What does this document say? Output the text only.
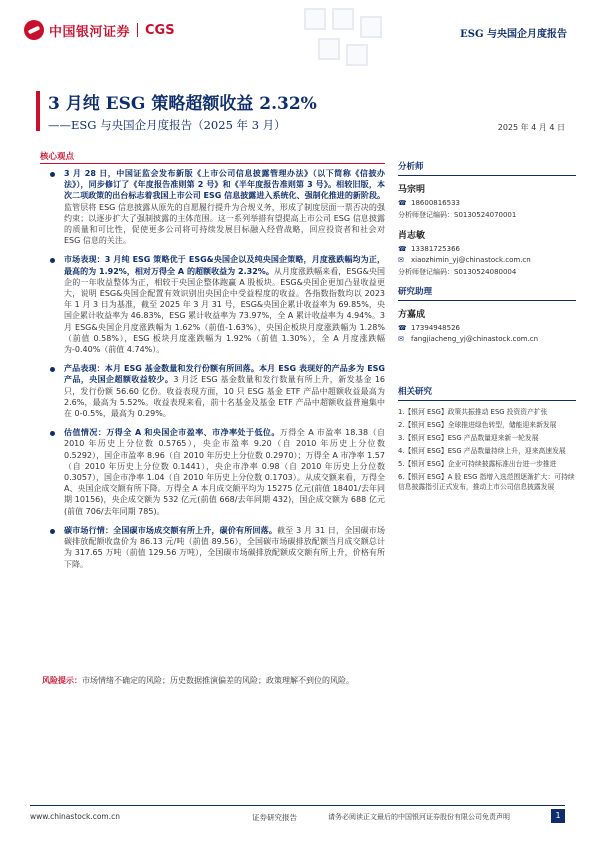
中国银河证券 CGS	ESG 与央国企月度报告
3 月纯 ESG 策略超额收益 2.32%
——ESG 与央国企月度报告（2025 年 3 月）	2025 年 4 月 4 日
核心观点
3 月 28 日，中国证监会发布新版《上市公司信息披露管理办法》（以下简称《信披办法》），同步修订了《年度报告准则第 2 号》和《半年度报告准则第 3 号》。相较旧版，本次二项政策的出台标志着我国上市公司 ESG 信息披露进入系统化、强制化推进的新阶段。监管层将 ESG 信息披露从原先的自愿履行提升为合规义务，形成了制度层面一票否决的强约束；以逐步扩大了强制披露的主体范围。这一系列举措有望提高上市公司 ESG 信息披露的质量和可比性，促使更多公司将可持续发展目标融入经营战略，回应投资者和社会对 ESG 信息的关注。
市场表现：3 月纯 ESG 策略优于 ESG&央国企以及纯央国企策略，月度涨跌幅均为正，最高的为 1.92%，相对万得全 A 的超额收益为 2.32%。从月度涨跌幅来看，ESG&央国企的一年收益整体为正，相较于央国企整体跑赢 A 股板块。ESG&央国企更加凸显收益更大，说明 ESG&央国企配置有效识别出央国企中受益程度的收益。各指数指数均以 2023 年 1 月 3 日为基准，截至 2025 年 3 月 31 号，ESG&央国企累计收益率为 69.85%，央国企累计收益率为 46.83%，ESG 累计收益率为 73.97%，全 A 累计收益率为 4.94%。3 月 ESG&央国企月度涨跌幅为 1.62%（前值-1.63%），央国企板块月度涨跌幅为 1.28%（前值 0.58%），ESG 板块月度涨跌幅为 1.92%（前值 1.30%），全 A 月度涨跌幅为-0.40%（前值 4.74%）。
产品表现：本月 ESG 基金数量和发行份额有所回落。本月 ESG 表现好的产品多为 ESG 产品，央国企超额收益较少。3 月泛 ESG 基金数量和发行数量有所上升，新发基金 16 只，发行份额 56.60 亿份。收益表现方面，10 只 ESG 基金 ETF 产品中超额收益最高为 2.6%，最高为 5.52%。收益表现来看，前十名基金及基金 ETF 产品中超额收益普遍集中在 0-0.5%，最高为 0.29%。
估值情况：万得全 A 和央国企市盈率、市净率处于低位。万得全 A 市盈率 18.38（自 2010 年历史上分位数 0.5765），央企市盈率 9.20（自 2010 年历史上分位数 0.5292），国企市盈率 8.96（自 2010 年历史上分位数 0.2970）；万得全 A 市净率 1.57（自 2010 年历史上分位数 0.1441），央企市净率 0.98（自 2010 年历史上分位数 0.3057），国企市净率 1.04（自 2010 年历史上分位数 0.1703）。从成交额来看，万得全 A、央国企成交额有所下降。万得全 A 本月成交额平均为 15275 亿元(前值 18401/去年同期 10156)，央企成交额为 532 亿元(前值 668/去年同期 432)，国企成交额为 688 亿元(前值 706/去年同期 785)。
碳市场行情：全国碳市场成交额有所上升，碳价有所回落。截至 3 月 31 日，全国碳市场碳排放配额收盘价为 86.13 元/吨（前值 89.56），全国碳市场碳排放配额当月成交额总计为 317.65 万吨（前值 129.56 万吨），全国碳市场碳排放配额成交额有所上升，价格有所下降。
风险提示：市场情绪不确定的风险；历史数据推演偏差的风险；政策理解不到位的风险。
分析师
马宗明
☎ 18600816533
分析师登记编码：S0130524070001
肖志敏
☎ 13381725366
✉	xiaozhimin_yj@chinastock.com.cn
分析师登记编码：S0130524080004
研究助理
方嘉成
☎ 17394948526
✉	fangjiacheng_yj@chinastock.com.cn
相关研究
1.【银河 ESG】政策共振推动 ESG 投资资产扩张
2.【银河 ESG】全球推进绿色转型，储能迎来新发展
3.【银河 ESG】ESG 产品数量迎来新一轮发展
4.【银河 ESG】ESG 产品数量持续上升，迎来高速发展
5.【银河 ESG】企业可持续披露标准出台进一步推进
6.【银河 ESG】A 股 ESG 指增入选范围逐渐扩大：可持续信息披露指引正式发布，推动上市公司信息披露发展
www.chinastock.com.cn	证券研究报告	请务必阅读正文最后的中国银河证券股份有限公司免责声明	1
